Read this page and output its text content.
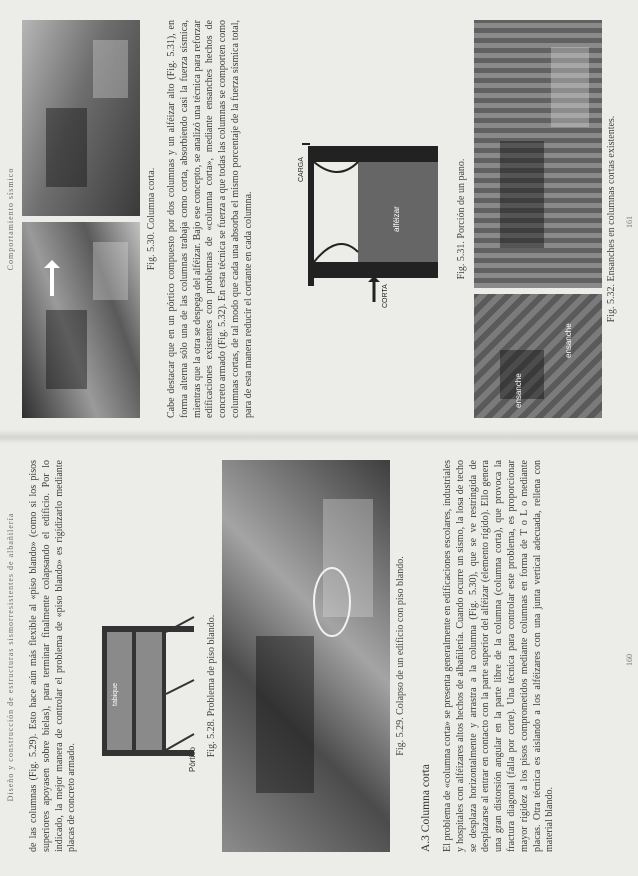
Diseño y construcción de estructuras sismorresistentes de albañilería de las columnas (Fig. 5.29). Esto hace aún más flexible al «piso blando» (como si los pisos superiores apoyasen sobre bielas), para terminar finalmente colapsando el edificio. Por lo indicado, la mejor manera de controlar el problema de «piso blando» es rigidizarlo mediante placas de concreto armado.	Pórtico
tabique	Fig. 5.28. Problema de piso blando.	Fig. 5.29. Colapso de un edificio con piso blando.
A.3 Columna corta El problema de «columna corta» se presenta generalmente en edificaciones escolares, industriales y hospitales con alféizares altos hechos de albañilería. Cuando ocurre un sismo, la losa de techo se desplaza horizontalmente y arrastra a la columna (Fig. 5.30), que se ve restringida de desplazarse al entrar en contacto con la parte superior del alféizar (elemento rígido). Ello genera una gran distorsión angular en la parte libre de la columna (columna corta), que provoca la fractura diagonal (falla por corte). Una técnica para controlar este problema, es proporcionar mayor rigidez a los pisos comprometidos mediante columnas en forma de T o L o mediante placas. Otra técnica es aislando a los alféizares con una junta vertical adecuada, rellena con material blando.
160
Comportamiento sísmico	Fig. 5.30. Columna corta. Cabe destacar que en un pórtico compuesto por dos columnas y un alféizar alto (Fig. 5.31), en forma alterna sólo una de las columnas trabaja como corta, absorbiendo casi la fuerza sísmica, mientras que la otra se despega del alféizar. Bajo ese concepto, se analizó una técnica para reforzar edificaciones existentes con problemas de «columna corta», mediante ensanches hechos de concreto armado (Fig. 5.32). En esta técnica se fuerza a que todas las columnas se comporten como columnas cortas, de tal modo que cada una absorba el mismo porcentaje de la fuerza sísmica total, para de esta manera reducir el cortante en cada columna.
CARGA
alféizar
CORTA
Fig. 5.31. Porción de un pano.
ensanche
ensanche
Fig. 5.32. Ensanches en columnas cortas existentes. 161
